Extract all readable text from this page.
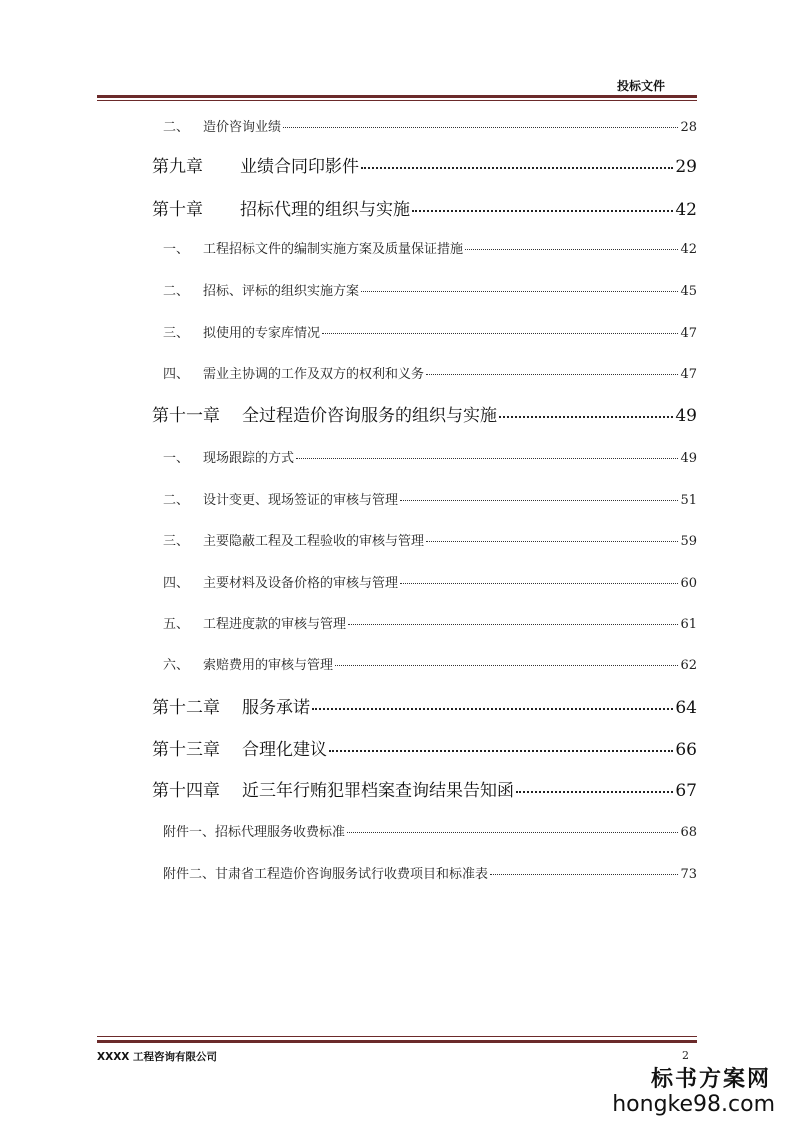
投标文件
二、	造价咨询业绩	28
第九章	业绩合同印影件	29
第十章	招标代理的组织与实施	42
一、	工程招标文件的编制实施方案及质量保证措施	42
二、	招标、评标的组织实施方案	45
三、	拟使用的专家库情况	47
四、	需业主协调的工作及双方的权利和义务	47
第十一章	全过程造价咨询服务的组织与实施	49
一、	现场跟踪的方式	49
二、	设计变更、现场签证的审核与管理	51
三、	主要隐蔽工程及工程验收的审核与管理	59
四、	主要材料及设备价格的审核与管理	60
五、	工程进度款的审核与管理	61
六、	索赔费用的审核与管理	62
第十二章	服务承诺	64
第十三章	合理化建议	66
第十四章	近三年行贿犯罪档案查询结果告知函	67
附件一、招标代理服务收费标准	68
附件二、甘肃省工程造价咨询服务试行收费项目和标准表	73
XXXX 工程咨询有限公司	2
标书方案网
hongke98.com
